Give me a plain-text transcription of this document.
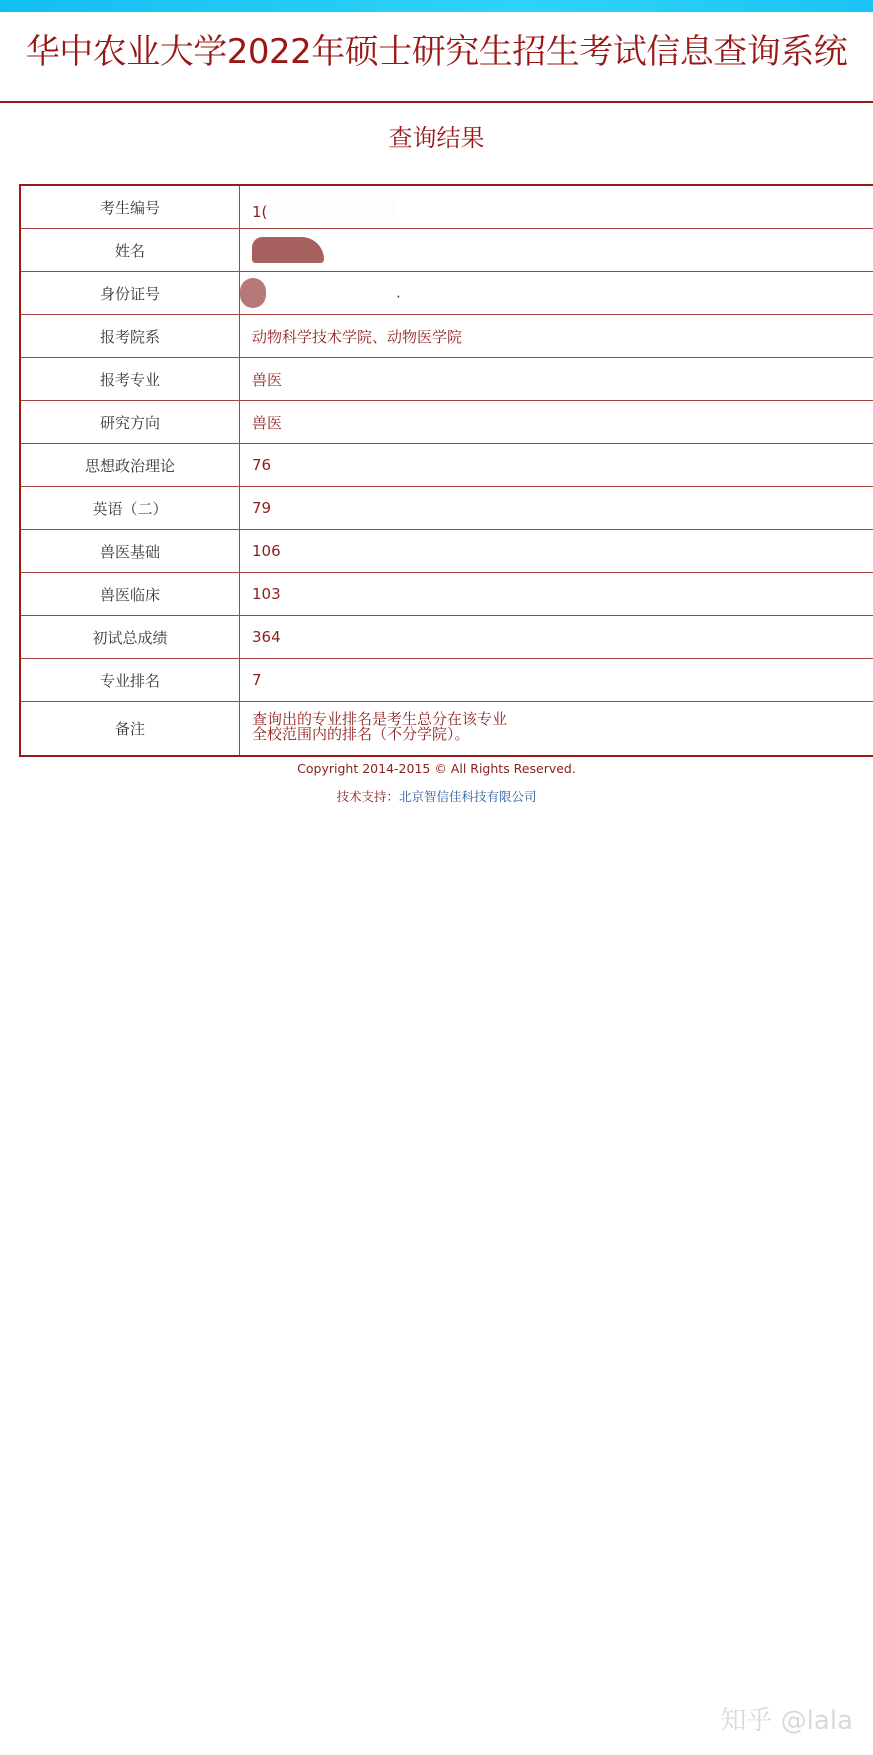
华中农业大学2022年硕士研究生招生考试信息查询系统
查询结果
考生编号	1(
姓名	
身份证号	.
报考院系	动物科学技术学院、动物医学院
报考专业	兽医
研究方向	兽医
思想政治理论	76
英语（二）	79
兽医基础	106
兽医临床	103
初试总成绩	364
专业排名	7
备注	查询出的专业排名是考生总分在该专业
全校范围内的排名（不分学院）。
Copyright 2014-2015 © All Rights Reserved.
技术支持：北京智信佳科技有限公司
知乎 @lala
